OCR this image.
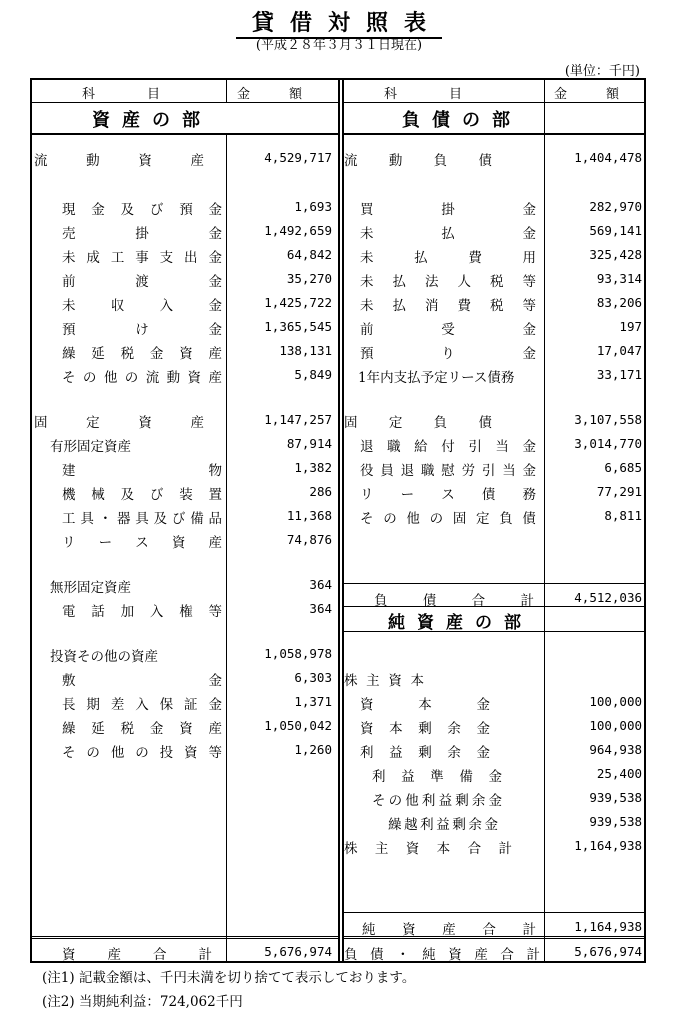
貸借対照表
(平成２８年３月３１日現在)
(単位：千円)
科　　　　目	金　　　額
資産の部
流	動	資	産	4,529,717
現 金 及 び 預 金	1,693
売	掛	金	1,492,659
未 成 工 事 支 出 金	64,842
前	渡	金	35,270
未	収	入	金	1,425,722
預	け	金	1,365,545
繰 延 税 金 資 産	138,131
そ の 他 の 流 動 資 産	5,849
固	定	資	産	1,147,257
有形固定資産	87,914
建	物	1,382
機 械 及 び 装 置	286
工 具 ・ 器 具 及 び 備 品	11,368
リ ー ス 資 産	74,876
無形固定資産	364
電 話 加 入 権 等	364
投資その他の資産	1,058,978
敷	金	6,303
長 期 差 入 保 証 金	1,371
繰 延 税 金 資 産	1,050,042
そ の 他 の 投 資 等	1,260
資 産 合 計	5,676,974
科　　　　目	金　　　額
負債の部
流 動 負 債	1,404,478
買	掛	金	282,970
未	払	金	569,141
未	払	費	用	325,428
未 払 法 人 税 等	93,314
未 払 消 費 税 等	83,206
前	受	金	197
預	り	金	17,047
1年内支払予定リース債務	33,171
固 定 負 債	3,107,558
退 職 給 付 引 当 金	3,014,770
役 員 退 職 慰 労 引 当 金	6,685
リ ー ス 債 務	77,291
そ の 他 の 固 定 負 債	8,811
負	債	合	計	4,512,036
純資産の部
株 主 資 本
資	本	金	100,000
資 本 剰 余 金	100,000
利 益 剰 余 金	964,938
利 益 準 備 金	25,400
そ の 他 利 益 剰 余 金	939,538
繰 越 利 益 剰 余 金	939,538
株 主 資 本 合 計	1,164,938
純 資 産 合 計	1,164,938
負 債 ・ 純 資 産 合 計	5,676,974
(注1) 記載金額は、千円未満を切り捨てて表示しております。
(注2) 当期純利益：724,062千円
